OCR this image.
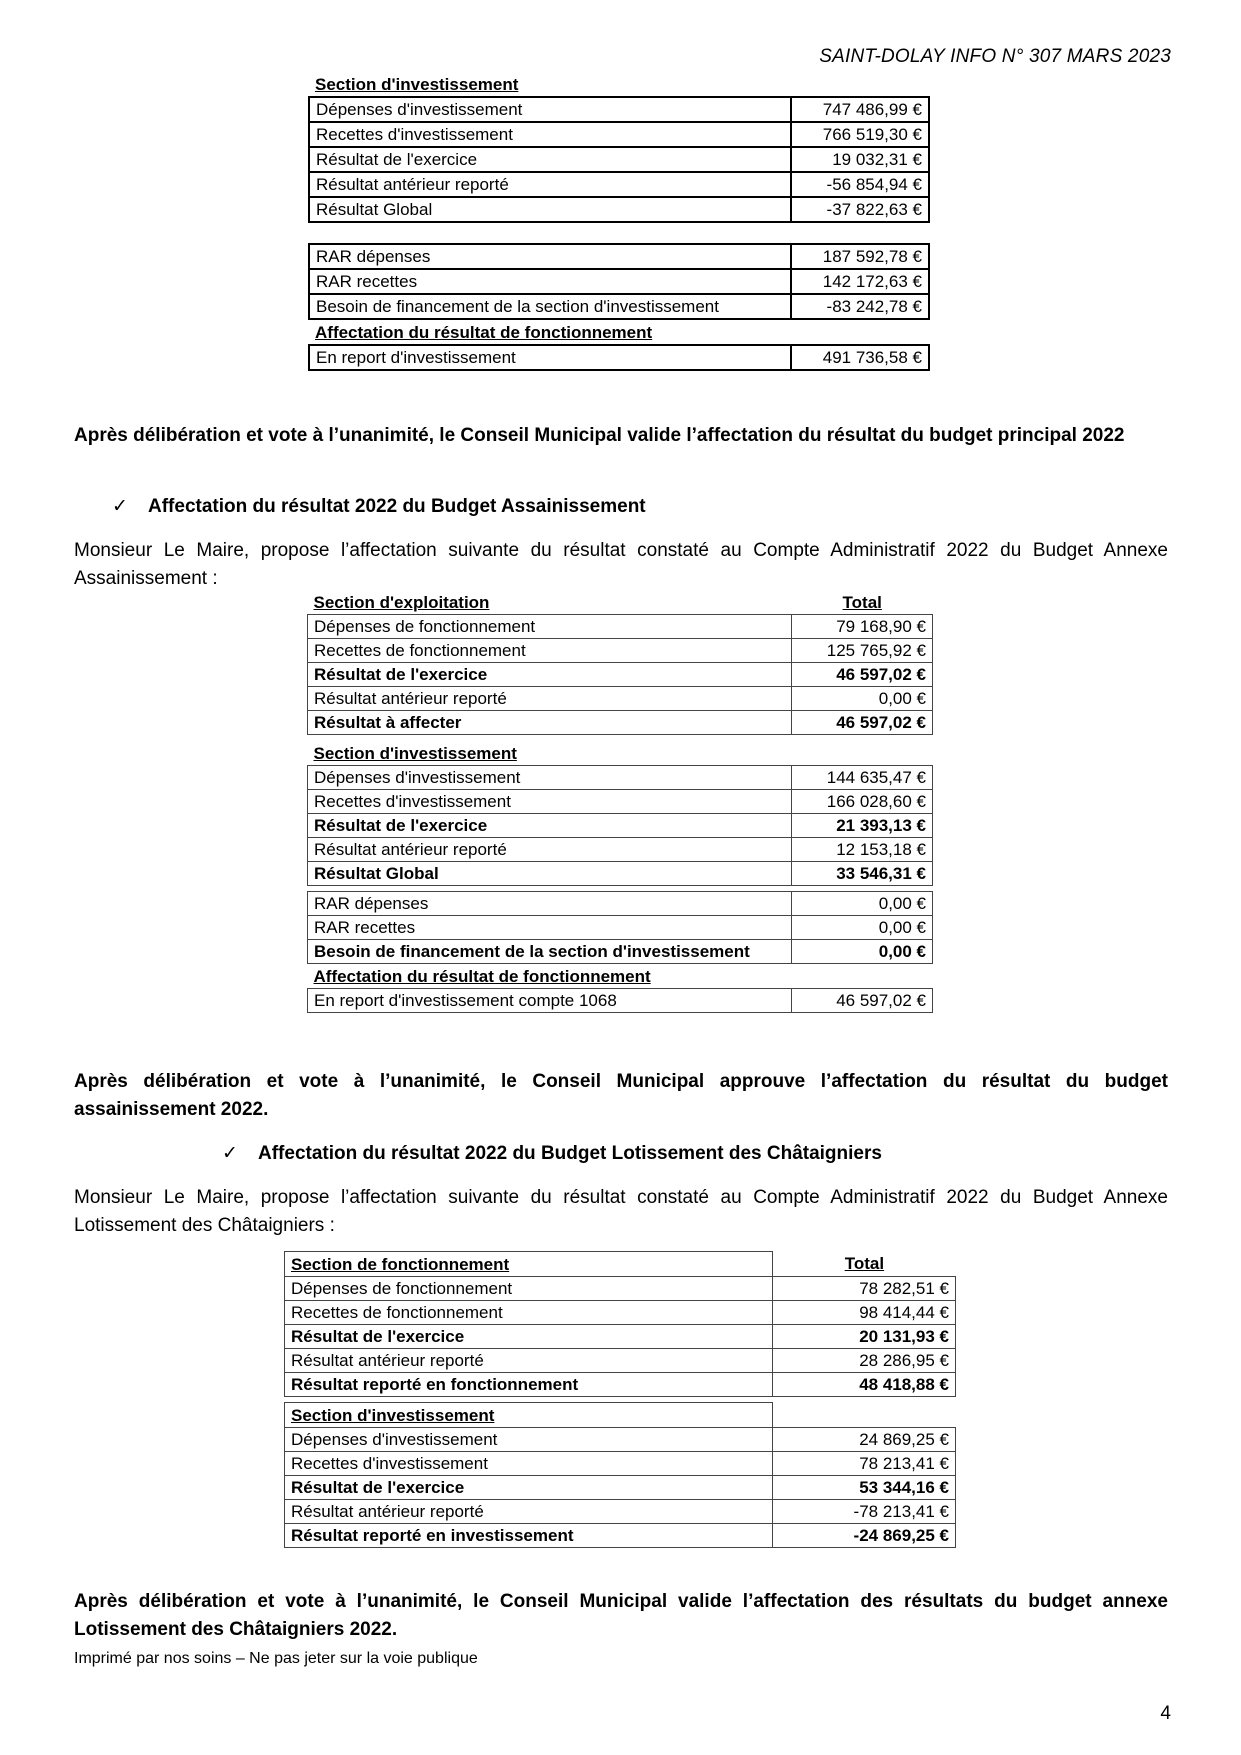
SAINT-DOLAY INFO N° 307 MARS 2023
Section d'investissement	
Dépenses d'investissement	747 486,99 €
Recettes d'investissement	766 519,30 €
Résultat de l'exercice	19 032,31 €
Résultat antérieur reporté	-56 854,94 €
Résultat Global	-37 822,63 €

RAR dépenses	187 592,78 €
RAR recettes	142 172,63 €
Besoin de financement de la section d'investissement	-83 242,78 €
Affectation du résultat de fonctionnement	
En report d'investissement	491 736,58 €
Après délibération et vote à l’unanimité, le Conseil Municipal valide l’affectation du résultat du budget principal 2022
✓ Affectation du résultat 2022 du Budget Assainissement
Monsieur Le Maire, propose l’affectation suivante du résultat constaté au Compte Administratif 2022 du Budget Annexe Assainissement :
Section d'exploitation	Total
Dépenses de fonctionnement	79 168,90 €
Recettes de fonctionnement	125 765,92 €
Résultat de l'exercice	46 597,02 €
Résultat antérieur reporté	0,00 €
Résultat à affecter	46 597,02 €
Section d'investissement	
Dépenses d'investissement	144 635,47 €
Recettes d'investissement	166 028,60 €
Résultat de l'exercice	21 393,13 €
Résultat antérieur reporté	12 153,18 €
Résultat Global	33 546,31 €

RAR dépenses	0,00 €
RAR recettes	0,00 €
Besoin de financement de la section d'investissement	0,00 €
Affectation du résultat de fonctionnement	
En report d'investissement compte 1068	46 597,02 €
Après délibération et vote à l’unanimité, le Conseil Municipal approuve l’affectation du résultat du budget assainissement 2022.
✓ Affectation du résultat 2022 du Budget Lotissement des Châtaigniers
Monsieur Le Maire, propose l’affectation suivante du résultat constaté au Compte Administratif 2022 du Budget Annexe Lotissement des Châtaigniers :
Section de fonctionnement	Total
Dépenses de fonctionnement	78 282,51 €
Recettes de fonctionnement	98 414,44 €
Résultat de l'exercice	20 131,93 €
Résultat antérieur reporté	28 286,95 €
Résultat reporté en fonctionnement	48 418,88 €

Section d'investissement	
Dépenses d'investissement	24 869,25 €
Recettes d'investissement	78 213,41 €
Résultat de l'exercice	53 344,16 €
Résultat antérieur reporté	-78 213,41 €
Résultat reporté en investissement	-24 869,25 €
Après délibération et vote à l’unanimité, le Conseil Municipal valide l’affectation des résultats du budget annexe Lotissement des Châtaigniers 2022.
Imprimé par nos soins – Ne pas jeter sur la voie publique
4
